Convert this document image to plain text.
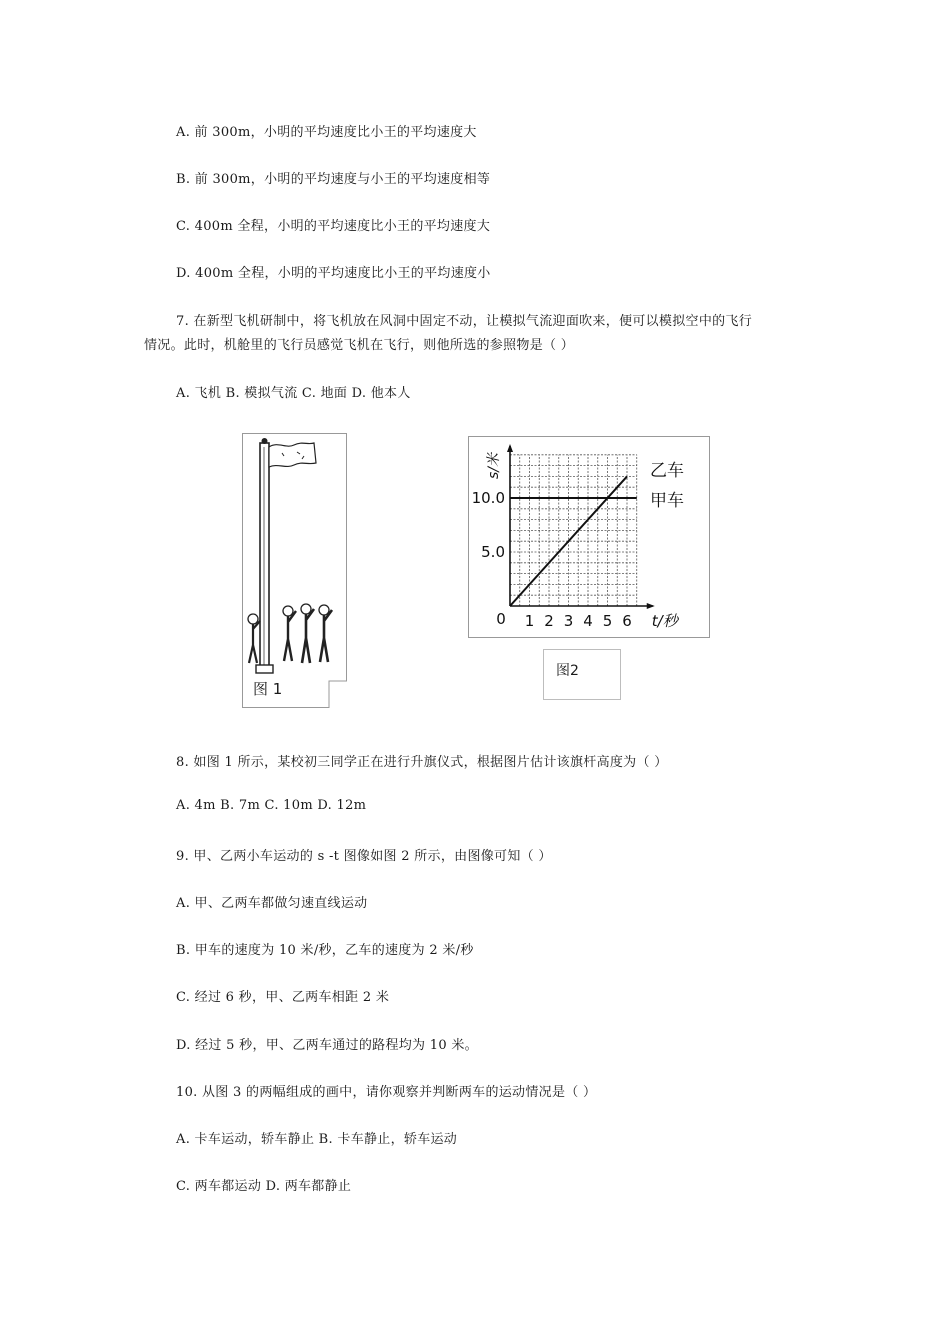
A. 前 300m，小明的平均速度比小王的平均速度大
B. 前 300m，小明的平均速度与小王的平均速度相等
C. 400m 全程，小明的平均速度比小王的平均速度大
D. 400m 全程，小明的平均速度比小王的平均速度小
7. 在新型飞机研制中，将飞机放在风洞中固定不动，让模拟气流迎面吹来，便可以模拟空中的飞行
情况。此时，机舱里的飞行员感觉飞机在飞行，则他所选的参照物是（ ）
A. 飞机 B. 模拟气流 C. 地面 D. 他本人
图 1
0 1 2 3 4 5 6
5.0
10.0
t/秒
s/米	乙车
甲车
图2
8. 如图 1 所示，某校初三同学正在进行升旗仪式，根据图片估计该旗杆高度为（ ）
A. 4m B. 7m C. 10m D. 12m
9. 甲、乙两小车运动的 s -t 图像如图 2 所示，由图像可知（ ）
A. 甲、乙两车都做匀速直线运动
B. 甲车的速度为 10 米/秒，乙车的速度为 2 米/秒
C. 经过 6 秒，甲、乙两车相距 2 米
D. 经过 5 秒，甲、乙两车通过的路程均为 10 米。
10. 从图 3 的两幅组成的画中，请你观察并判断两车的运动情况是（ ）
A. 卡车运动，轿车静止 B. 卡车静止，轿车运动
C. 两车都运动 D. 两车都静止
